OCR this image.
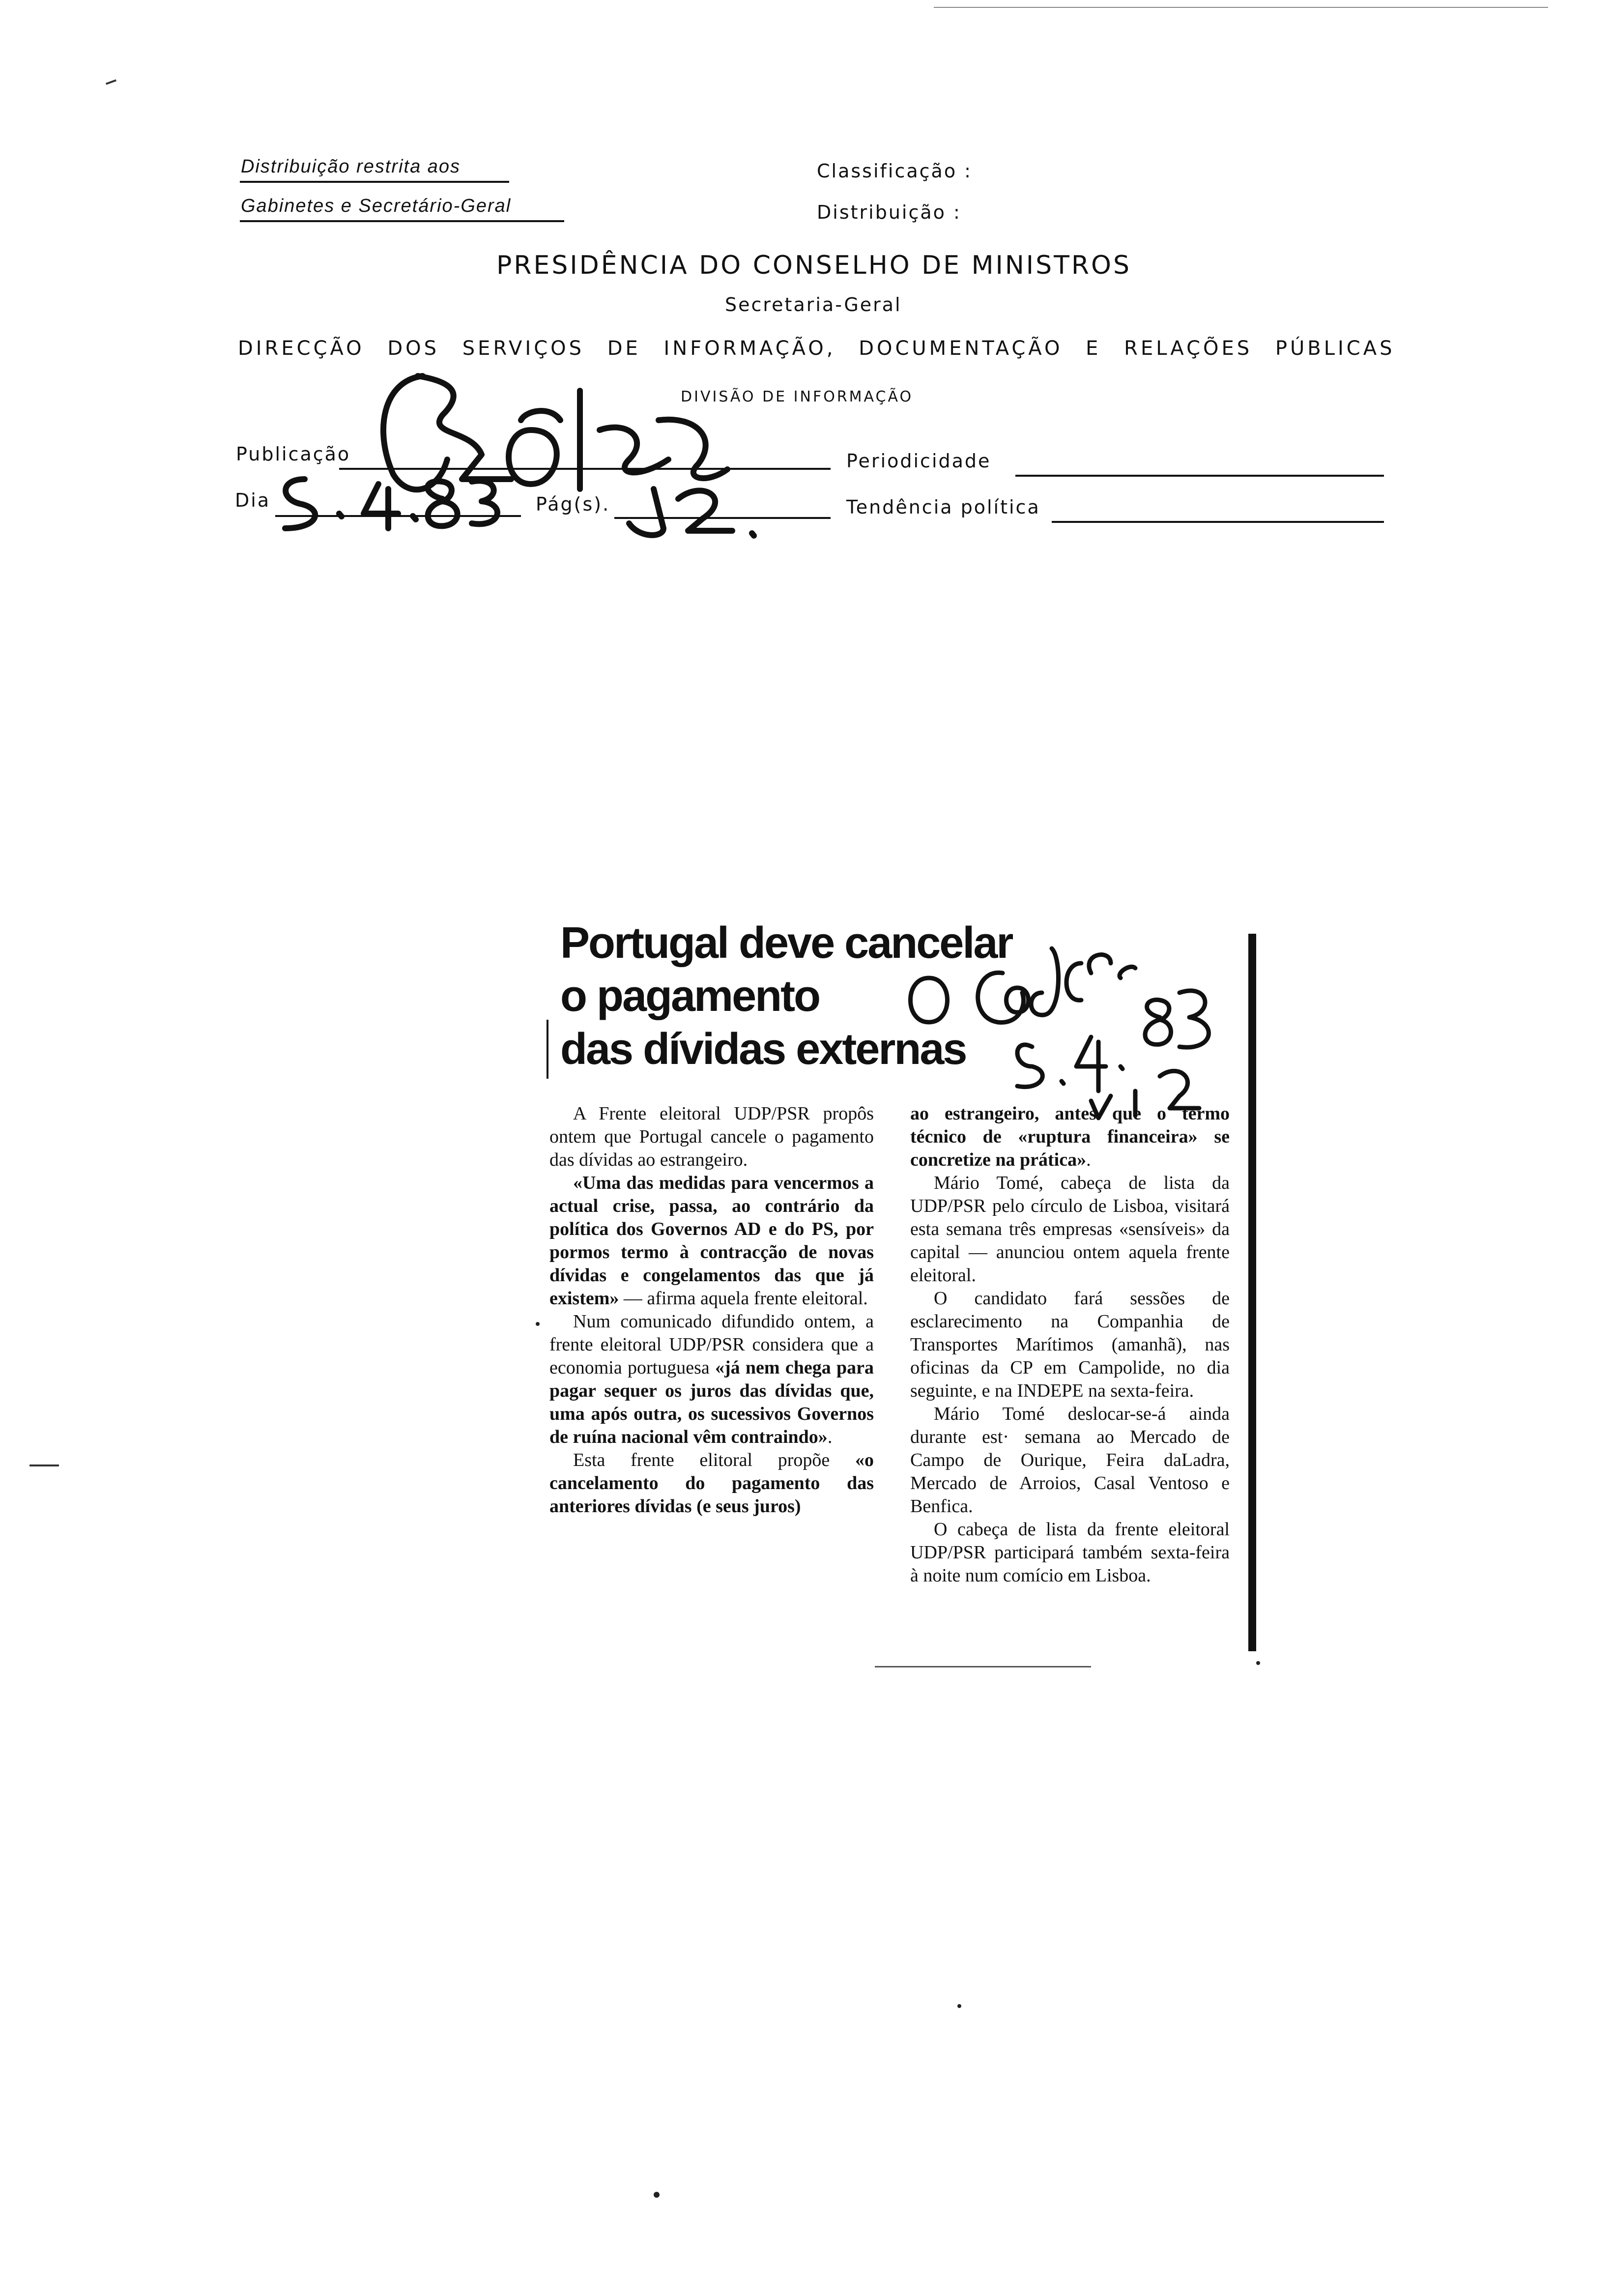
Distribuição restrita aos
Gabinetes e Secretário-Geral
Classificação :
Distribuição :
PRESIDÊNCIA DO CONSELHO DE MINISTROS
Secretaria-Geral
DIRECÇÃO DOS SERVIÇOS DE INFORMAÇÃO, DOCUMENTAÇÃO E RELAÇÕES PÚBLICAS
DIVISÃO DE INFORMAÇÃO
Publicação	Periodicidade
Dia	Pág(s).	Tendência política
Portugal deve cancelar
o pagamento
das dívidas externas

A Frente eleitoral UDP/PSR propôs ontem que Portugal cancele o pagamento das dívidas ao estrangeiro.

«Uma das medidas para vencermos a actual crise, passa, ao contrário da política dos Governos AD e do PS, por pormos termo à contracção de novas dívidas e congelamentos das que já existem» — afirma aquela frente eleitoral.

Num comunicado difundido ontem, a frente eleitoral UDP/PSR considera que a economia portuguesa «já nem chega para pagar sequer os juros das dívidas que, uma após outra, os sucessivos Governos de ruína nacional vêm contraindo».

Esta frente elitoral propõe «o cancelamento do pagamento das anteriores dívidas (e seus juros)

ao estrangeiro, antes que o termo técnico de «ruptura financeira» se concretize na prática».

Mário Tomé, cabeça de lista da UDP/PSR pelo círculo de Lisboa, visitará esta semana três empresas «sensíveis» da capital — anunciou ontem aquela frente eleitoral.

O candidato fará sessões de esclarecimento na Companhia de Transportes Marítimos (amanhã), nas oficinas da CP em Campolide, no dia seguinte, e na INDEPE na sexta-feira.

Mário Tomé deslocar-se-á ainda durante est· semana ao Mercado de Campo de Ourique, Feira daLadra, Mercado de Arroios, Casal Ventoso e Benfica.

O cabeça de lista da frente eleitoral UDP/PSR participará também sexta-feira à noite num comício em Lisboa.
